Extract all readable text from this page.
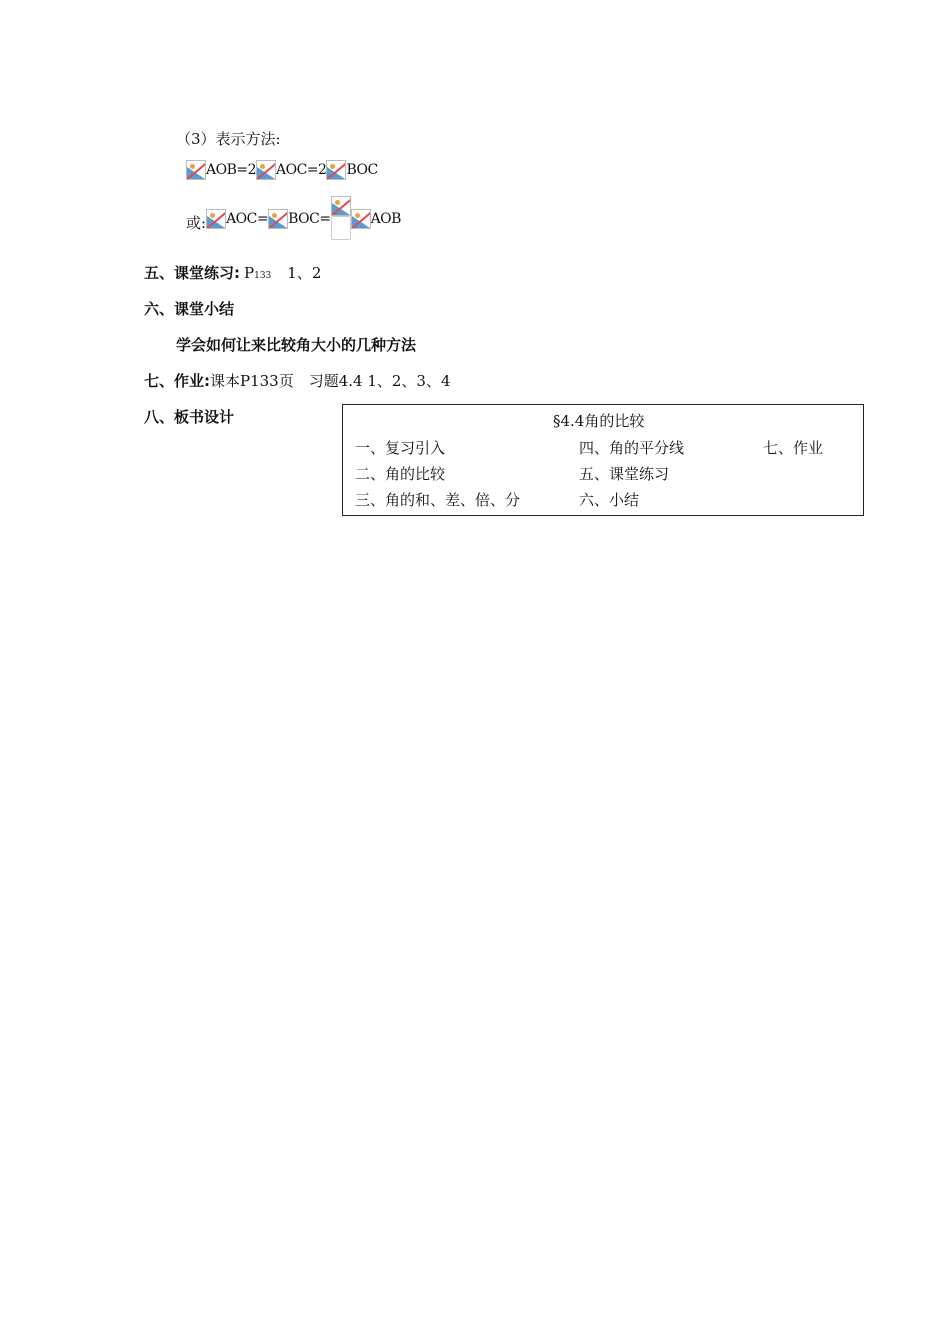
（3）表示方法:
AOB=2 AOC=2 BOC
或: AOC= BOC=	AOB
五、课堂练习: P133 1、2
六、课堂小结
学会如何让来比较角大小的几种方法
七、作业:课本P133页　习题4.4 1、2、3、4
八、板书设计	§4.4角的比较
一、复习引入
二、角的比较
三、角的和、差、倍、分
四、角的平分线
五、课堂练习
六、小结
七、作业
